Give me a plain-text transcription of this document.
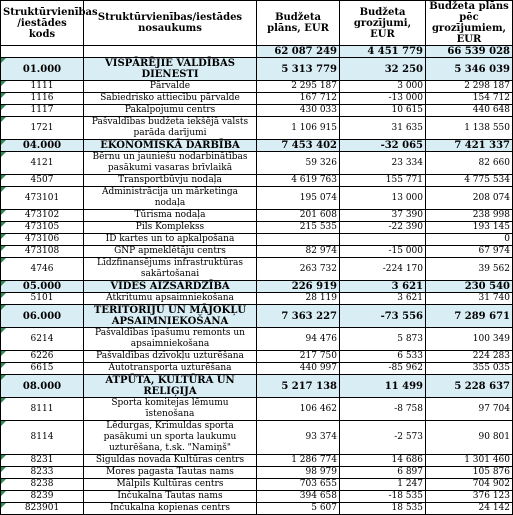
Struktūrvienības /iestādes kods	Struktūrvienības/iestādes nosaukums	Budžeta plāns, EUR	Budžeta grozījumi, EUR	Budžeta plāns pēc grozījumiem, EUR
		62 087 249	4 451 779	66 539 028
01.000	VISPĀRĒJIE VALDĪBAS DIENESTI	5 313 779	32 250	5 346 039
1111	Pārvalde	2 295 187	3 000	2 298 187
1116	Sabiedrisko attiecību pārvalde	167 712	-13 000	154 712
1117	Pakalpojumu centrs	430 033	10 615	440 648
1721	Pašvaldības budžeta iekšējā valsts parāda darījumi	1 106 915	31 635	1 138 550
04.000	EKONOMISKĀ DARBĪBA	7 453 402	-32 065	7 421 337
4121	Bērnu un jauniešu nodarbinātības pasākumi vasaras brīvlaikā	59 326	23 334	82 660
4507	Transportbūvju nodaļa	4 619 763	155 771	4 775 534
473101	Administrācija un mārketinga nodaļa	195 074	13 000	208 074
473102	Tūrisma nodaļa	201 608	37 390	238 998
473105	Pils Komplekss	215 535	-22 390	193 145
473106	ID kartes un to apkalpošana			0
473108	GNP apmeklētāju centrs	82 974	-15 000	67 974
4746	Līdzfinansējums infrastruktūras sakārtošanai	263 732	-224 170	39 562
05.000	VIDES AIZSARDZĪBA	226 919	3 621	230 540
5101	Atkritumu apsaimniekošana	28 119	3 621	31 740
06.000	TERITORIJU UN MĀJOKĻU APSAIMNIEKOŠANA	7 363 227	-73 556	7 289 671
6214	Pašvaldības īpašumu remonts un apsaimniekošana	94 476	5 873	100 349
6226	Pašvaldības dzīvokļu uzturēšana	217 750	6 533	224 283
6615	Autotransporta uzturēšana	440 997	-85 962	355 035
08.000	ATPŪTA, KULTŪRA UN RELIĢIJA	5 217 138	11 499	5 228 637
8111	Sporta komitejas lēmumu īstenošana	106 462	-8 758	97 704
8114	Lēdurgas, Krimuldas sporta pasākumi un sporta laukumu uzturēšana, t.sk. "Namiņš"	93 374	-2 573	90 801
8231	Siguldas novada Kultūras centrs	1 286 774	14 686	1 301 460
8233	Mores pagasta Tautas nams	98 979	6 897	105 876
8238	Mālpils Kultūras centrs	703 655	1 247	704 902
8239	Inčukalna Tautas nams	394 658	-18 535	376 123
823901	Inčukalna kopienas centrs	5 607	18 535	24 142
